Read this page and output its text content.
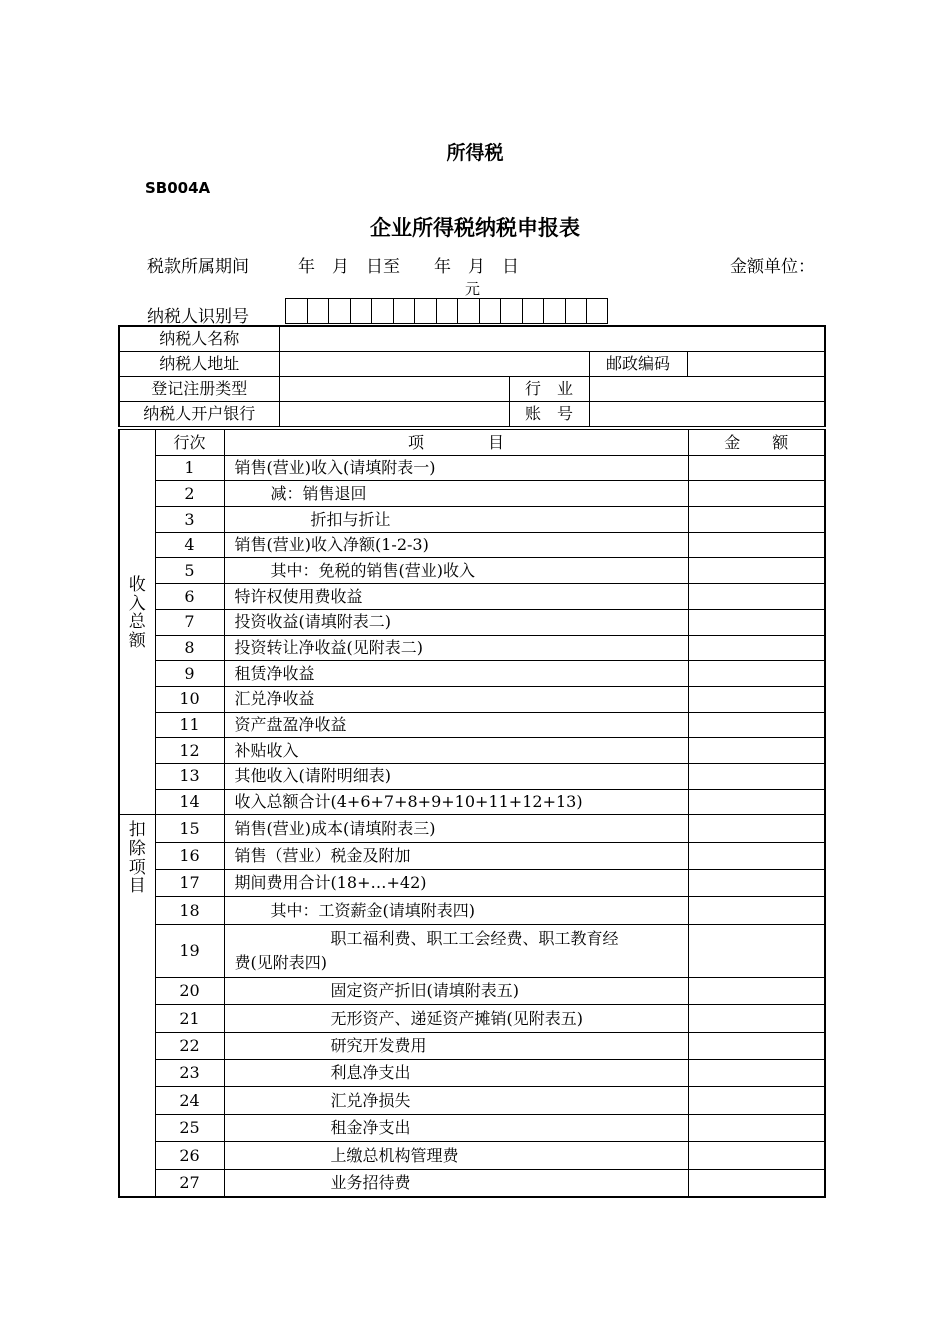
所得税
SB004A
企业所得税纳税申报表
税款所属期间	年　月　日至　　年　月　日	金额单位：
元
纳税人识别号
纳税人名称				
纳税人地址			邮政编码	
登记注册类型		行　业		
纳税人开户银行		账　号		
收
入
总
额	行次	项　　　　目	金　　额
	1	销售(营业)收入(请填附表一)	
	2	减：销售退回	
	3	折扣与折让	
	4	销售(营业)收入净额(1-2-3)	
	5	其中：免税的销售(营业)收入	
	6	特许权使用费收益	
	7	投资收益(请填附表二)	
	8	投资转让净收益(见附表二)	
	9	租赁净收益	
	10	汇兑净收益	
	11	资产盘盈净收益	
	12	补贴收入	
	13	其他收入(请附明细表)	
	14	收入总额合计(4+6+7+8+9+10+11+12+13)	

扣
除
项
目	15	销售(营业)成本(请填附表三)	
	16	销售（营业）税金及附加	
	17	期间费用合计(18+…+42)	
	18	其中：工资薪金(请填附表四)	
	19	职工福利费、职工工会经费、职工教育经
费(见附表四)	

	20	固定资产折旧(请填附表五)	
	21	无形资产、递延资产摊销(见附表五)	
	22	研究开发费用	
	23	利息净支出	
	24	汇兑净损失	
	25	租金净支出	
	26	上缴总机构管理费	
	27	业务招待费	
